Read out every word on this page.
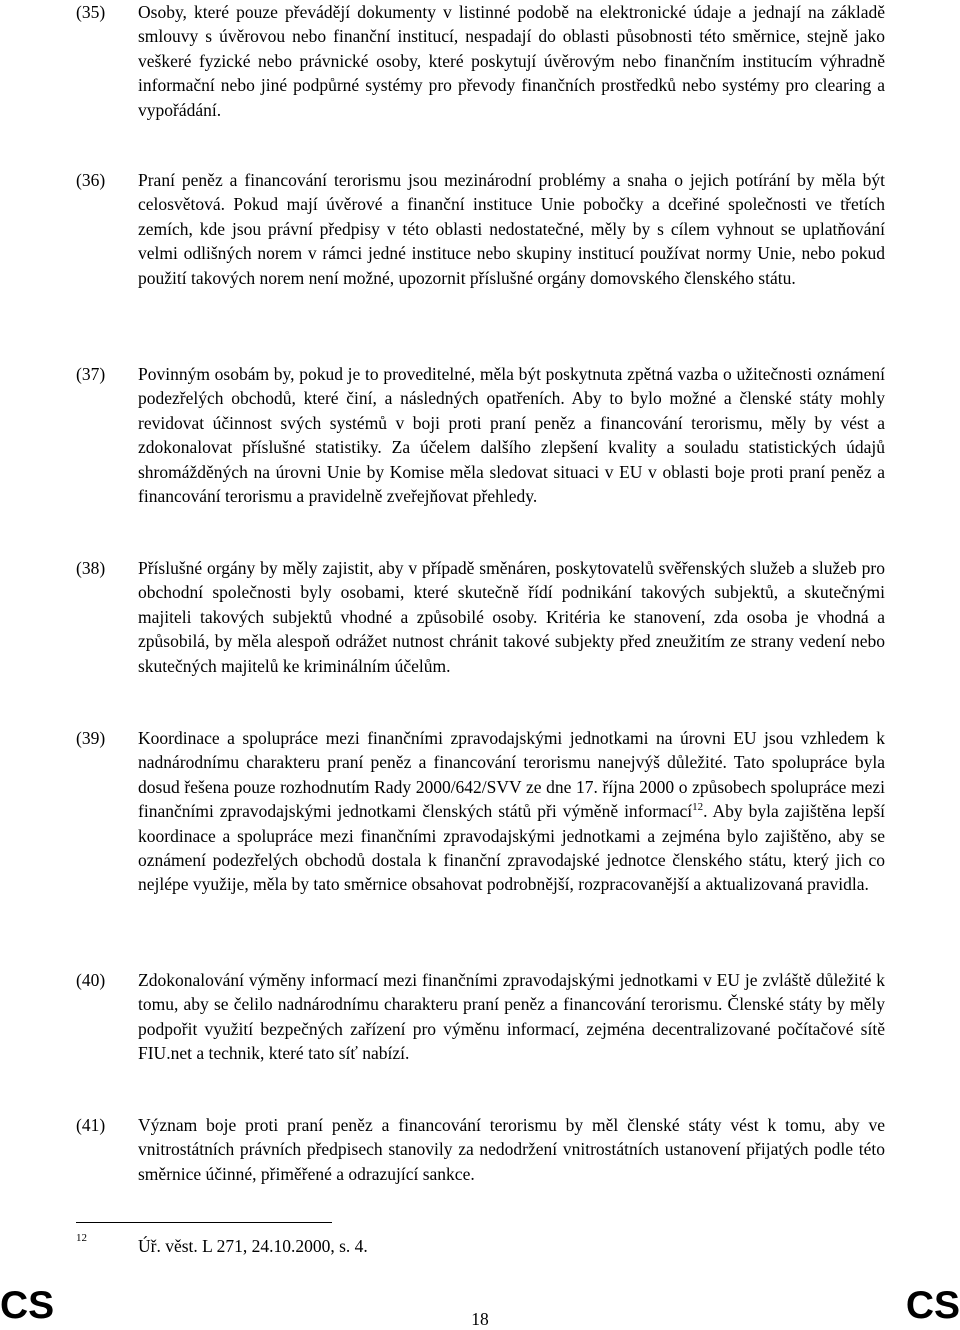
(35) Osoby, které pouze převádějí dokumenty v listinné podobě na elektronické údaje a jednají na základě smlouvy s úvěrovou nebo finanční institucí, nespadají do oblasti působnosti této směrnice, stejně jako veškeré fyzické nebo právnické osoby, které poskytují úvěrovým nebo finančním institucím výhradně informační nebo jiné podpůrné systémy pro převody finančních prostředků nebo systémy pro clearing a vypořádání.
(36) Praní peněz a financování terorismu jsou mezinárodní problémy a snaha o jejich potírání by měla být celosvětová. Pokud mají úvěrové a finanční instituce Unie pobočky a dceřiné společnosti ve třetích zemích, kde jsou právní předpisy v této oblasti nedostatečné, měly by s cílem vyhnout se uplatňování velmi odlišných norem v rámci jedné instituce nebo skupiny institucí používat normy Unie, nebo pokud použití takových norem není možné, upozornit příslušné orgány domovského členského státu.
(37) Povinným osobám by, pokud je to proveditelné, měla být poskytnuta zpětná vazba o užitečnosti oznámení podezřelých obchodů, které činí, a následných opatřeních. Aby to bylo možné a členské státy mohly revidovat účinnost svých systémů v boji proti praní peněz a financování terorismu, měly by vést a zdokonalovat příslušné statistiky. Za účelem dalšího zlepšení kvality a souladu statistických údajů shromážděných na úrovni Unie by Komise měla sledovat situaci v EU v oblasti boje proti praní peněz a financování terorismu a pravidelně zveřejňovat přehledy.
(38) Příslušné orgány by měly zajistit, aby v případě směnáren, poskytovatelů svěřenských služeb a služeb pro obchodní společnosti byly osobami, které skutečně řídí podnikání takových subjektů, a skutečnými majiteli takových subjektů vhodné a způsobilé osoby. Kritéria ke stanovení, zda osoba je vhodná a způsobilá, by měla alespoň odrážet nutnost chránit takové subjekty před zneužitím ze strany vedení nebo skutečných majitelů ke kriminálním účelům.
(39) Koordinace a spolupráce mezi finančními zpravodajskými jednotkami na úrovni EU jsou vzhledem k nadnárodnímu charakteru praní peněz a financování terorismu nanejvýš důležité. Tato spolupráce byla dosud řešena pouze rozhodnutím Rady 2000/642/SVV ze dne 17. října 2000 o způsobech spolupráce mezi finančními zpravodajskými jednotkami členských států při výměně informací$^{12}$. Aby byla zajištěna lepší koordinace a spolupráce mezi finančními zpravodajskými jednotkami a zejména bylo zajištěno, aby se oznámení podezřelých obchodů dostala k finanční zpravodajské jednotce členského státu, který jich co nejlépe využije, měla by tato směrnice obsahovat podrobnější, rozpracovanější a aktualizovaná pravidla.
(40) Zdokonalování výměny informací mezi finančními zpravodajskými jednotkami v EU je zvláště důležité k tomu, aby se čelilo nadnárodnímu charakteru praní peněz a financování terorismu. Členské státy by měly podpořit využití bezpečných zařízení pro výměnu informací, zejména decentralizované počítačové sítě FIU.net a technik, které tato síť nabízí.
(41) Význam boje proti praní peněz a financování terorismu by měl členské státy vést k tomu, aby ve vnitrostátních právních předpisech stanovily za nedodržení vnitrostátních ustanovení přijatých podle této směrnice účinné, přiměřené a odrazující sankce.
12	Úř. věst. L 271, 24.10.2000, s. 4.
CS	18	CS
